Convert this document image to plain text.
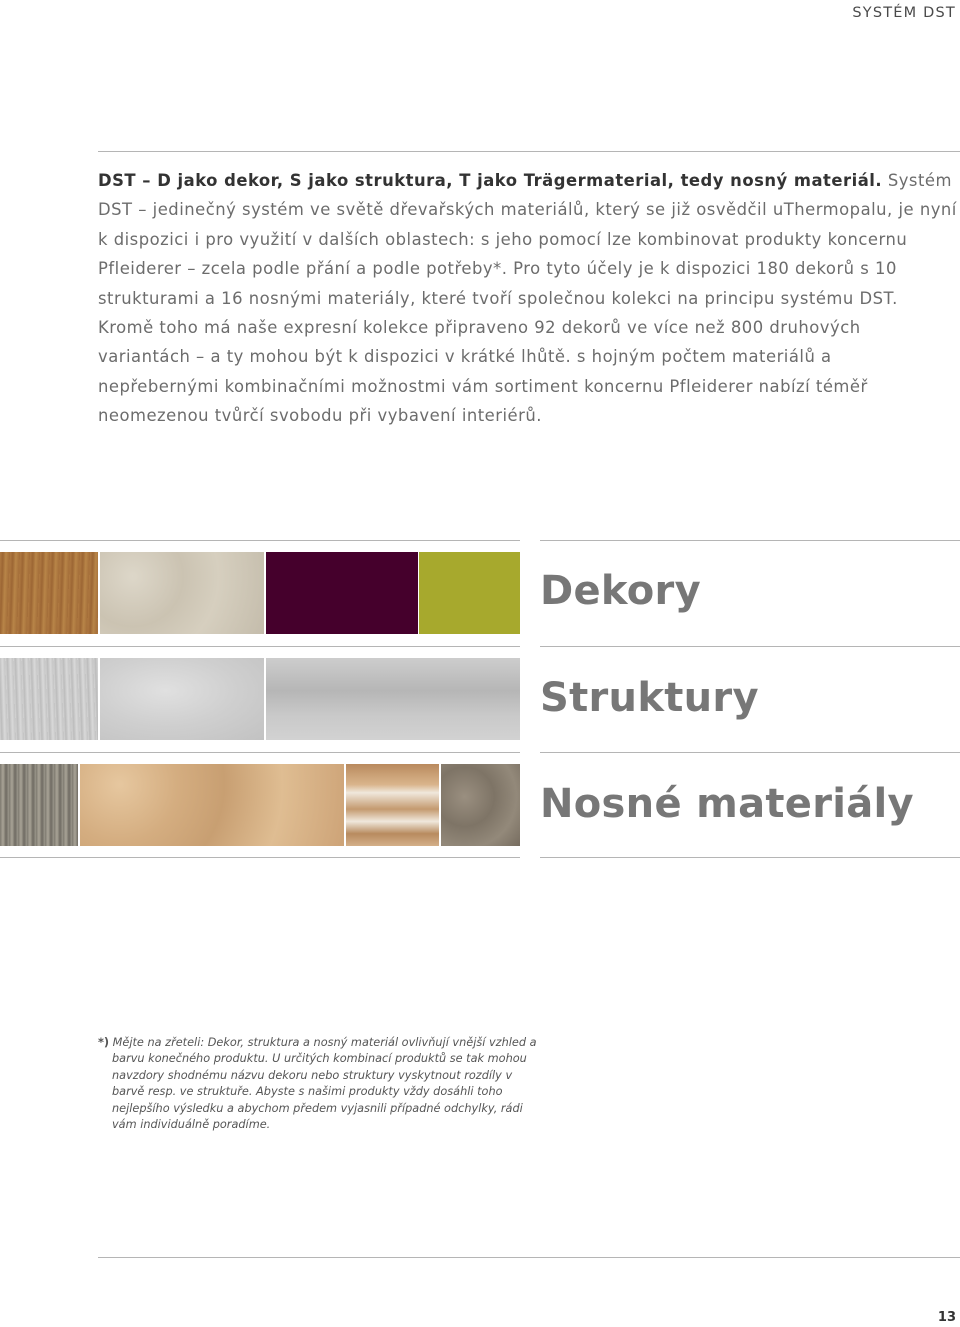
SYSTÉM DST

DST – D jako dekor, S jako struktura, T jako Trägermaterial, tedy nosný materiál. Systém DST – jedinečný systém ve světě dřevařských materiálů, který se již osvědčil uThermopalu, je nyní k dispozici i pro využití v dalších oblastech: s jeho pomocí lze kombinovat produkty koncernu Pfleiderer – zcela podle přání a podle potřeby*. Pro tyto účely je k dispozici 180 dekorů s 10 strukturami a 16 nosnými materiály, které tvoří společnou kolekci na principu systému DST. Kromě toho má naše expresní kolekce připraveno 92 dekorů ve více než 800 druhových variantách – a ty mohou být k dispozici v krátké lhůtě. s hojným počtem materiálů a nepřebernými kombinačními možnostmi vám sortiment koncernu Pfleiderer nabízí téměř neomezenou tvůrčí svobodu při vybavení interiérů.

Dekory
Struktury
Nosné materiály
*) Mějte na zřeteli: Dekor, struktura a nosný materiál ovlivňují vnější vzhled a barvu konečného produktu. U určitých kombinací produktů se tak mohou navzdory shodnému názvu dekoru nebo struktury vyskytnout rozdíly v barvě resp. ve struktuře. Abyste s našimi produkty vždy dosáhli toho nejlepšího výsledku a abychom předem vyjasnili případné odchylky, rádi vám individuálně poradíme.
13
